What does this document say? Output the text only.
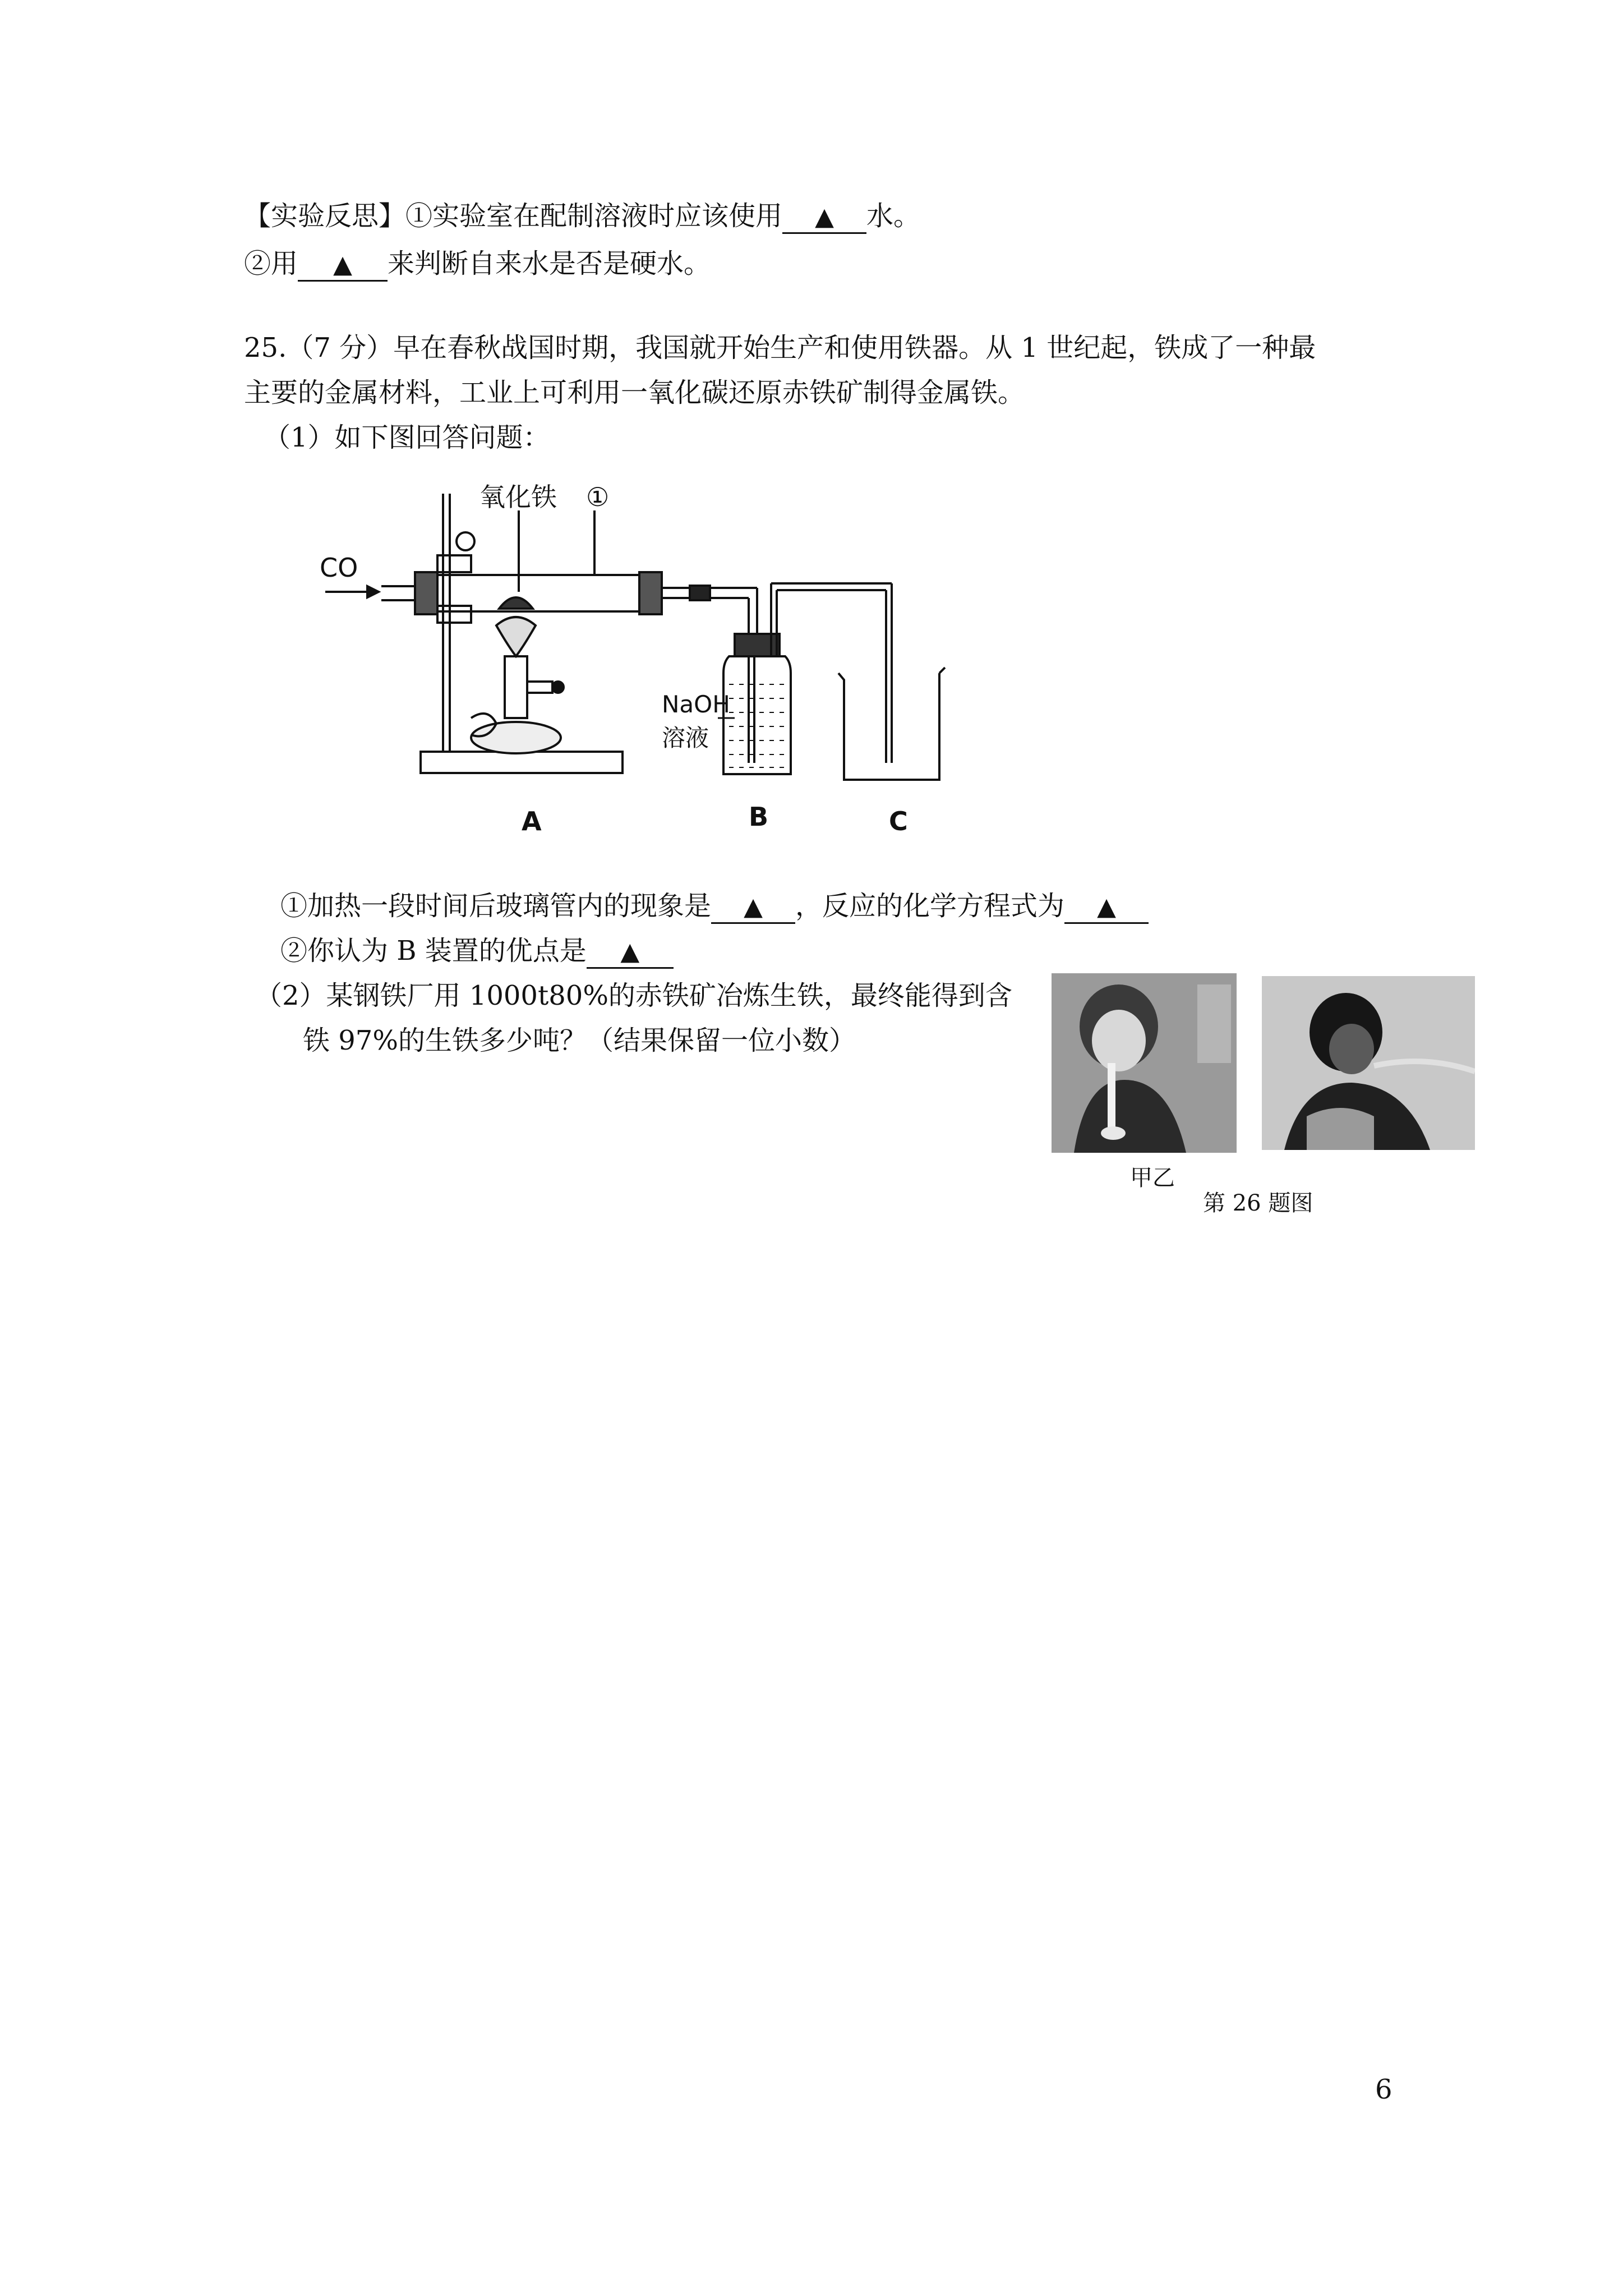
【实验反思】①实验室在配制溶液时应该使用 ▲ 水。
②用 ▲ 来判断自来水是否是硬水。
25.（7 分）早在春秋战国时期，我国就开始生产和使用铁器。从 1 世纪起，铁成了一种最
主要的金属材料，工业上可利用一氧化碳还原赤铁矿制得金属铁。
（1）如下图回答问题：
CO
氧化铁 ①
NaOH
溶液
A	B	C
①加热一段时间后玻璃管内的现象是 ▲ ，反应的化学方程式为 ▲
②你认为 B 装置的优点是 ▲
（2）某钢铁厂用 1000t80%的赤铁矿冶炼生铁，最终能得到含
铁 97%的生铁多少吨？（结果保留一位小数）
甲乙
第 26 题图
6
